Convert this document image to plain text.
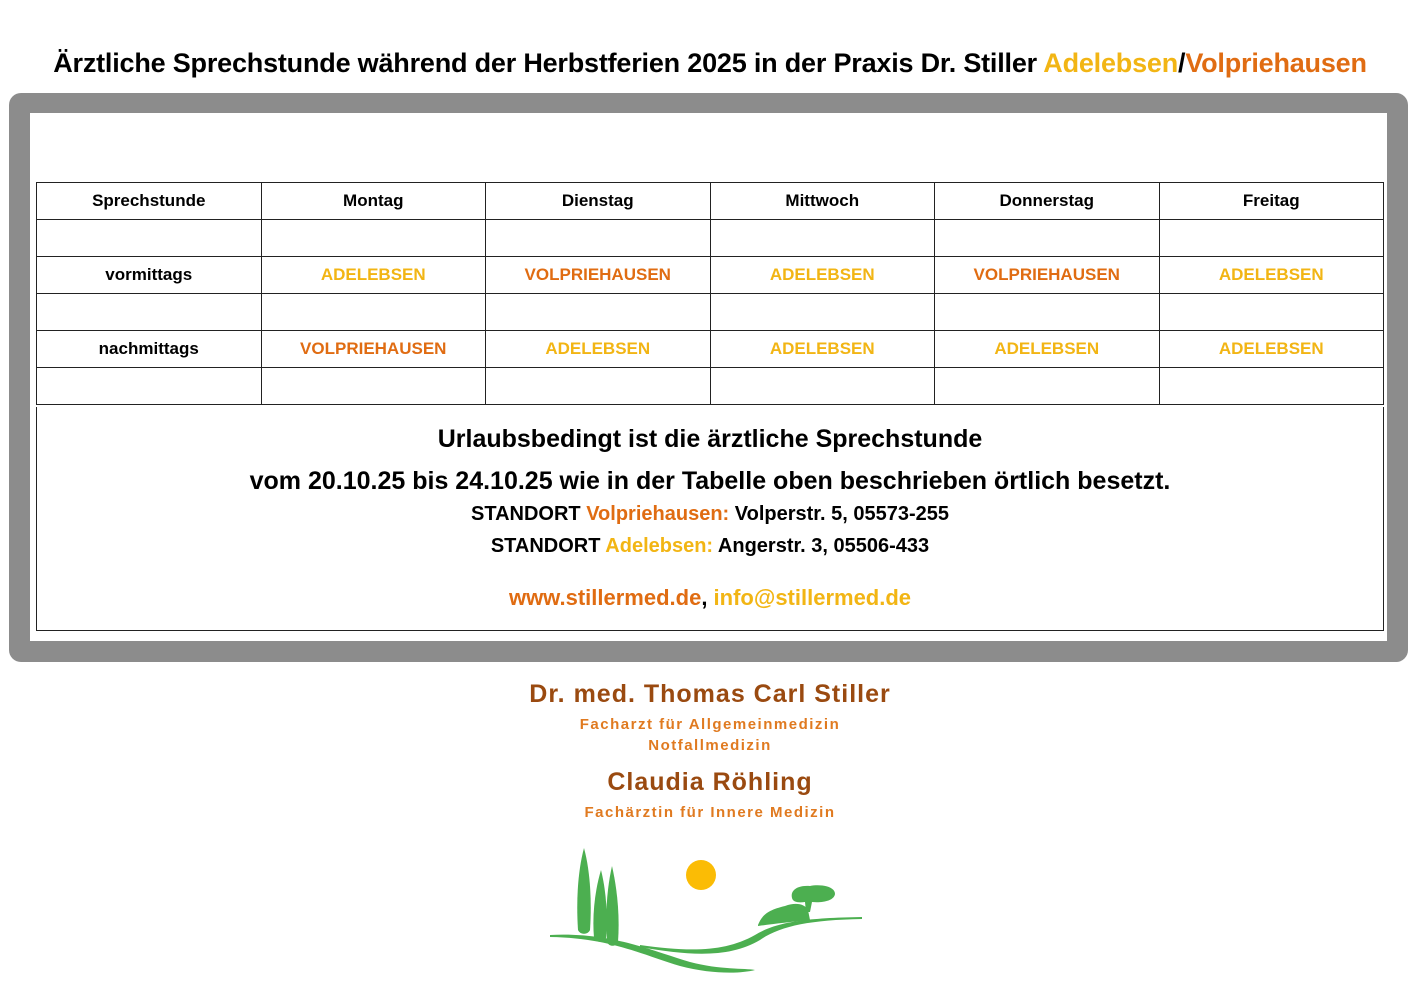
Ärztliche Sprechstunde während der Herbstferien 2025 in der Praxis Dr. Stiller Adelebsen/Volpriehausen
Sprechstunde	Montag	Dienstag	Mittwoch	Donnerstag	Freitag

vormittags	ADELEBSEN	VOLPRIEHAUSEN	ADELEBSEN	VOLPRIEHAUSEN	ADELEBSEN

nachmittags	VOLPRIEHAUSEN	ADELEBSEN	ADELEBSEN	ADELEBSEN	ADELEBSEN

Urlaubsbedingt ist die ärztliche Sprechstunde
vom 20.10.25 bis 24.10.25 wie in der Tabelle oben beschrieben örtlich besetzt.
STANDORT Volpriehausen: Volperstr. 5, 05573-255
STANDORT Adelebsen: Angerstr. 3, 05506-433
www.stillermed.de, info@stillermed.de
Dr. med. Thomas Carl Stiller
Facharzt für Allgemeinmedizin
Notfallmedizin
Claudia Röhling
Fachärztin für Innere Medizin
